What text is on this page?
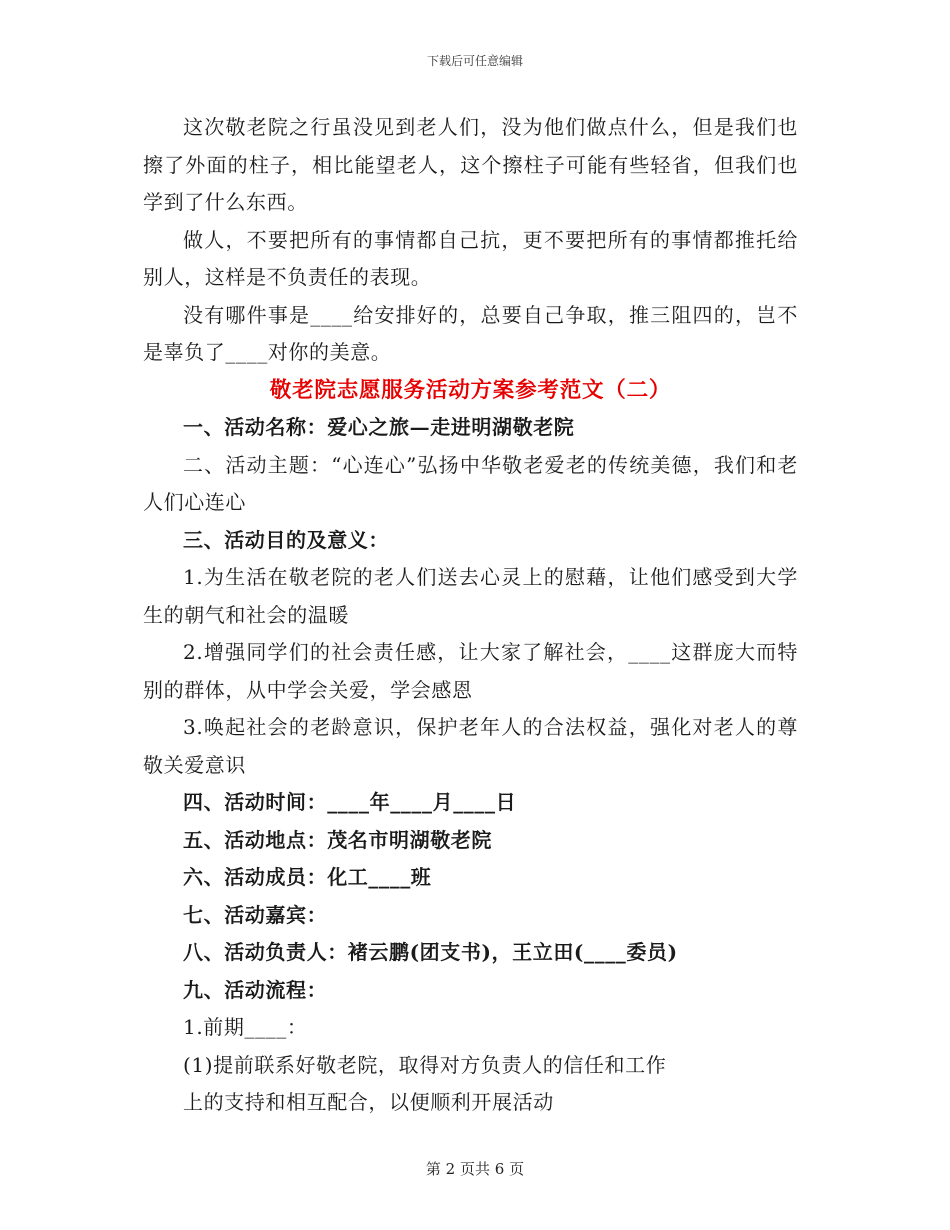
下载后可任意编辑

这次敬老院之行虽没见到老人们，没为他们做点什么，但是我们也擦了外面的柱子，相比能望老人，这个擦柱子可能有些轻省，但我们也学到了什么东西。

做人，不要把所有的事情都自己抗，更不要把所有的事情都推托给别人，这样是不负责任的表现。

没有哪件事是____给安排好的，总要自己争取，推三阻四的，岂不是辜负了____对你的美意。

敬老院志愿服务活动方案参考范文（二）

一、活动名称：爱心之旅—走进明湖敬老院

二、活动主题：“心连心”弘扬中华敬老爱老的传统美德，我们和老人们心连心

三、活动目的及意义：

1.为生活在敬老院的老人们送去心灵上的慰藉，让他们感受到大学生的朝气和社会的温暖

2.增强同学们的社会责任感，让大家了解社会，____这群庞大而特别的群体，从中学会关爱，学会感恩

3.唤起社会的老龄意识，保护老年人的合法权益，强化对老人的尊敬关爱意识

四、活动时间：____年____月____日

五、活动地点：茂名市明湖敬老院

六、活动成员：化工____班

七、活动嘉宾：

八、活动负责人：褚云鹏(团支书)，王立田(____委员)

九、活动流程：

1.前期____：

(1)提前联系好敬老院，取得对方负责人的信任和工作

上的支持和相互配合，以便顺利开展活动

第 2 页共 6 页
